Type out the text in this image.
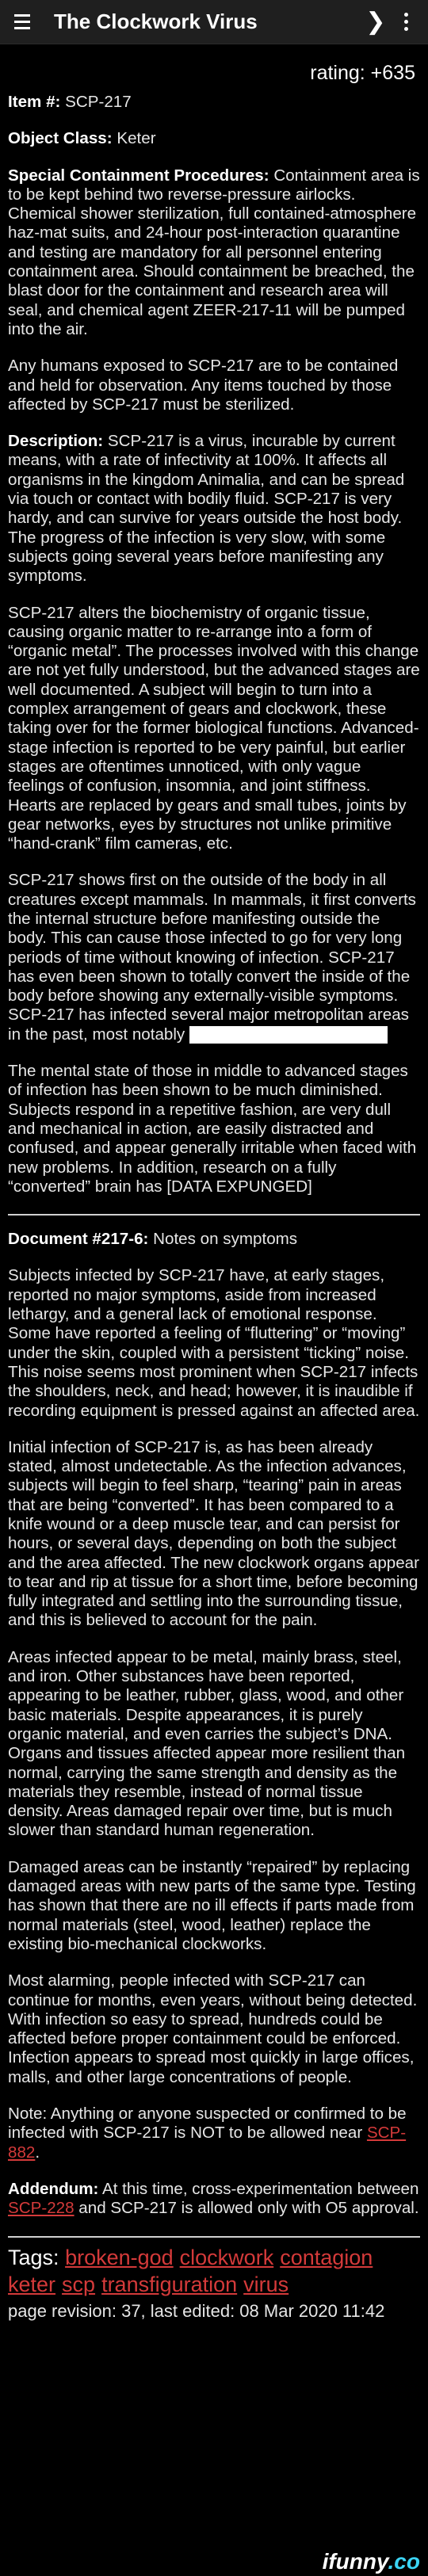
The Clockwork Virus	❯
rating: +635

Item #: SCP-217

Object Class: Keter

Special Containment Procedures: Containment area is to be kept behind two reverse-pressure airlocks. Chemical shower sterilization, full contained-atmosphere haz-mat suits, and 24-hour post-interaction quarantine and testing are mandatory for all personnel entering containment area. Should containment be breached, the blast door for the containment and research area will seal, and chemical agent ZEER-217-11 will be pumped into the air.

Any humans exposed to SCP-217 are to be contained and held for observation. Any items touched by those affected by SCP-217 must be sterilized.

Description: SCP-217 is a virus, incurable by current means, with a rate of infectivity at 100%. It affects all organisms in the kingdom Animalia, and can be spread via touch or contact with bodily fluid. SCP-217 is very hardy, and can survive for years outside the host body. The progress of the infection is very slow, with some subjects going several years before manifesting any symptoms.

SCP-217 alters the biochemistry of organic tissue, causing organic matter to re-arrange into a form of “organic metal”. The processes involved with this change are not yet fully understood, but the advanced stages are well documented. A subject will begin to turn into a complex arrangement of gears and clockwork, these taking over for the former biological functions. Advanced-stage infection is reported to be very painful, but earlier stages are oftentimes unnoticed, with only vague feelings of confusion, insomnia, and joint stiffness. Hearts are replaced by gears and small tubes, joints by gear networks, eyes by structures not unlike primitive “hand-crank” film cameras, etc.

SCP-217 shows first on the outside of the body in all creatures except mammals. In mammals, it first converts the internal structure before manifesting outside the body. This can cause those infected to go for very long periods of time without knowing of infection. SCP-217 has even been shown to totally convert the inside of the body before showing any externally-visible symptoms. SCP-217 has infected several major metropolitan areas in the past, most notably

The mental state of those in middle to advanced stages of infection has been shown to be much diminished. Subjects respond in a repetitive fashion, are very dull and mechanical in action, are easily distracted and confused, and appear generally irritable when faced with new problems. In addition, research on a fully “converted” brain has [DATA EXPUNGED]

Document #217-6: Notes on symptoms

Subjects infected by SCP-217 have, at early stages, reported no major symptoms, aside from increased lethargy, and a general lack of emotional response. Some have reported a feeling of “fluttering” or “moving” under the skin, coupled with a persistent “ticking” noise. This noise seems most prominent when SCP-217 infects the shoulders, neck, and head; however, it is inaudible if recording equipment is pressed against an affected area.

Initial infection of SCP-217 is, as has been already stated, almost undetectable. As the infection advances, subjects will begin to feel sharp, “tearing” pain in areas that are being “converted”. It has been compared to a knife wound or a deep muscle tear, and can persist for hours, or several days, depending on both the subject and the area affected. The new clockwork organs appear to tear and rip at tissue for a short time, before becoming fully integrated and settling into the surrounding tissue, and this is believed to account for the pain.

Areas infected appear to be metal, mainly brass, steel, and iron. Other substances have been reported, appearing to be leather, rubber, glass, wood, and other basic materials. Despite appearances, it is purely organic material, and even carries the subject’s DNA. Organs and tissues affected appear more resilient than normal, carrying the same strength and density as the materials they resemble, instead of normal tissue density. Areas damaged repair over time, but is much slower than standard human regeneration.

Damaged areas can be instantly “repaired” by replacing damaged areas with new parts of the same type. Testing has shown that there are no ill effects if parts made from normal materials (steel, wood, leather) replace the existing bio-mechanical clockworks.

Most alarming, people infected with SCP-217 can continue for months, even years, without being detected. With infection so easy to spread, hundreds could be affected before proper containment could be enforced. Infection appears to spread most quickly in large offices, malls, and other large concentrations of people.

Note: Anything or anyone suspected or confirmed to be infected with SCP-217 is NOT to be allowed near SCP-882.

Addendum: At this time, cross-experimentation between SCP-228 and SCP-217 is allowed only with O5 approval.

Tags: broken-god clockwork contagion
keter scp transfiguration virus
page revision: 37, last edited: 08 Mar 2020 11:42
ifunny.co
